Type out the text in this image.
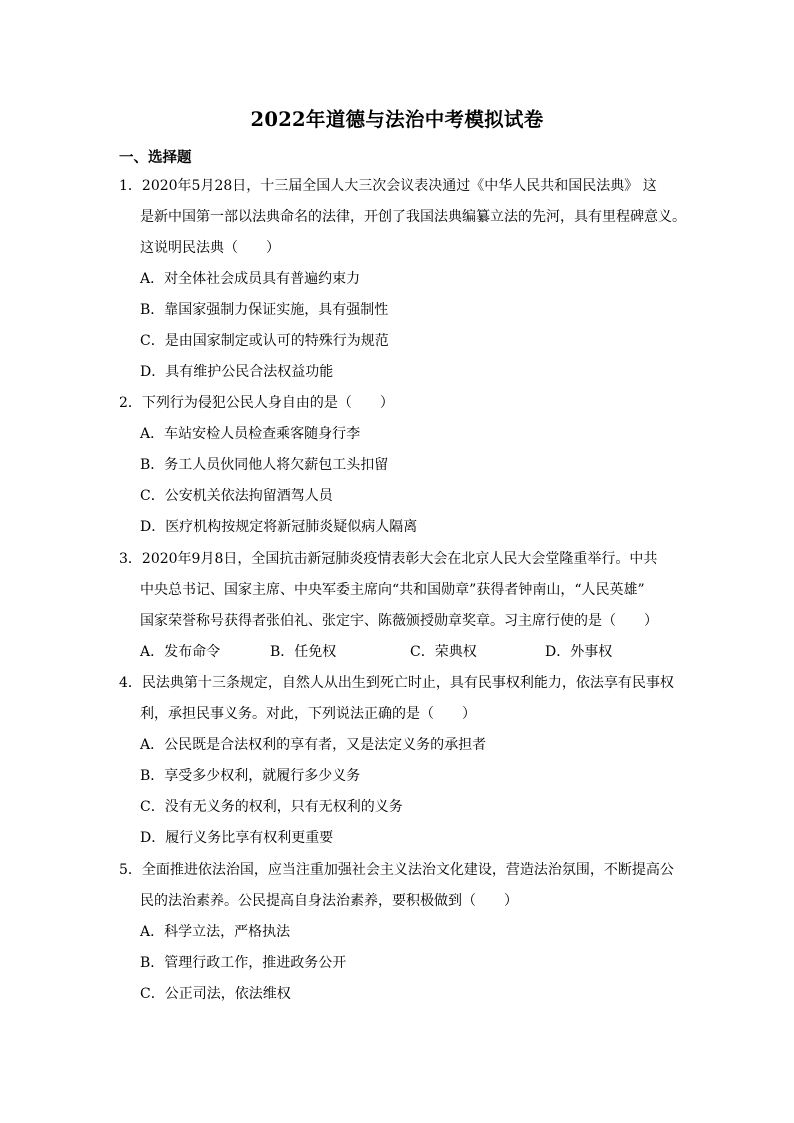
2022年道德与法治中考模拟试卷
一、选择题
1．2020年5月28日，十三届全国人大三次会议表决通过《中华人民共和国民法典》 这
是新中国第一部以法典命名的法律，开创了我国法典编纂立法的先河，具有里程碑意义。
这说明民法典（　　）
A．对全体社会成员具有普遍约束力
B．靠国家强制力保证实施，具有强制性
C．是由国家制定或认可的特殊行为规范
D．具有维护公民合法权益功能
2．下列行为侵犯公民人身自由的是（　　）
A．车站安检人员检查乘客随身行李
B．务工人员伙同他人将欠薪包工头扣留
C．公安机关依法拘留酒驾人员
D．医疗机构按规定将新冠肺炎疑似病人隔离
3．2020年9月8日，全国抗击新冠肺炎疫情表彰大会在北京人民大会堂隆重举行。中共
中央总书记、国家主席、中央军委主席向“共和国勋章”获得者钟南山，“人民英雄”
国家荣誉称号获得者张伯礼、张定宇、陈薇颁授勋章奖章。习主席行使的是（　　）
A．发布命令	B．任免权	C．荣典权	D．外事权
4．民法典第十三条规定，自然人从出生到死亡时止，具有民事权利能力，依法享有民事权
利，承担民事义务。对此，下列说法正确的是（　　）
A．公民既是合法权利的享有者，又是法定义务的承担者
B．享受多少权利，就履行多少义务
C．没有无义务的权利，只有无权利的义务
D．履行义务比享有权利更重要
5．全面推进依法治国，应当注重加强社会主义法治文化建设，营造法治氛围，不断提高公
民的法治素养。公民提高自身法治素养，要积极做到（　　）
A．科学立法，严格执法
B．管理行政工作，推进政务公开
C．公正司法，依法维权
